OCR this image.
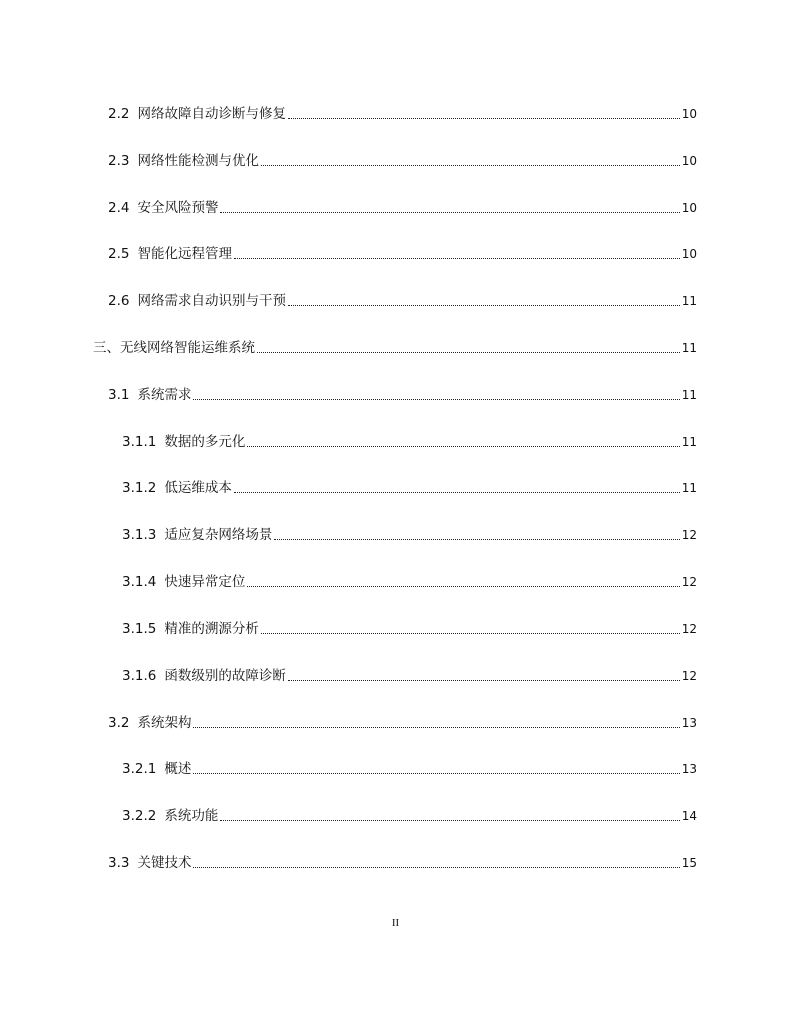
2.2 网络故障自动诊断与修复	10
2.3 网络性能检测与优化	10
2.4 安全风险预警	10
2.5 智能化远程管理	10
2.6 网络需求自动识别与干预	11
三、无线网络智能运维系统	11
3.1 系统需求	11
3.1.1 数据的多元化	11
3.1.2 低运维成本	11
3.1.3 适应复杂网络场景	12
3.1.4 快速异常定位	12
3.1.5 精准的溯源分析	12
3.1.6 函数级别的故障诊断	12
3.2 系统架构	13
3.2.1 概述	13
3.2.2 系统功能	14
3.3 关键技术	15
II
